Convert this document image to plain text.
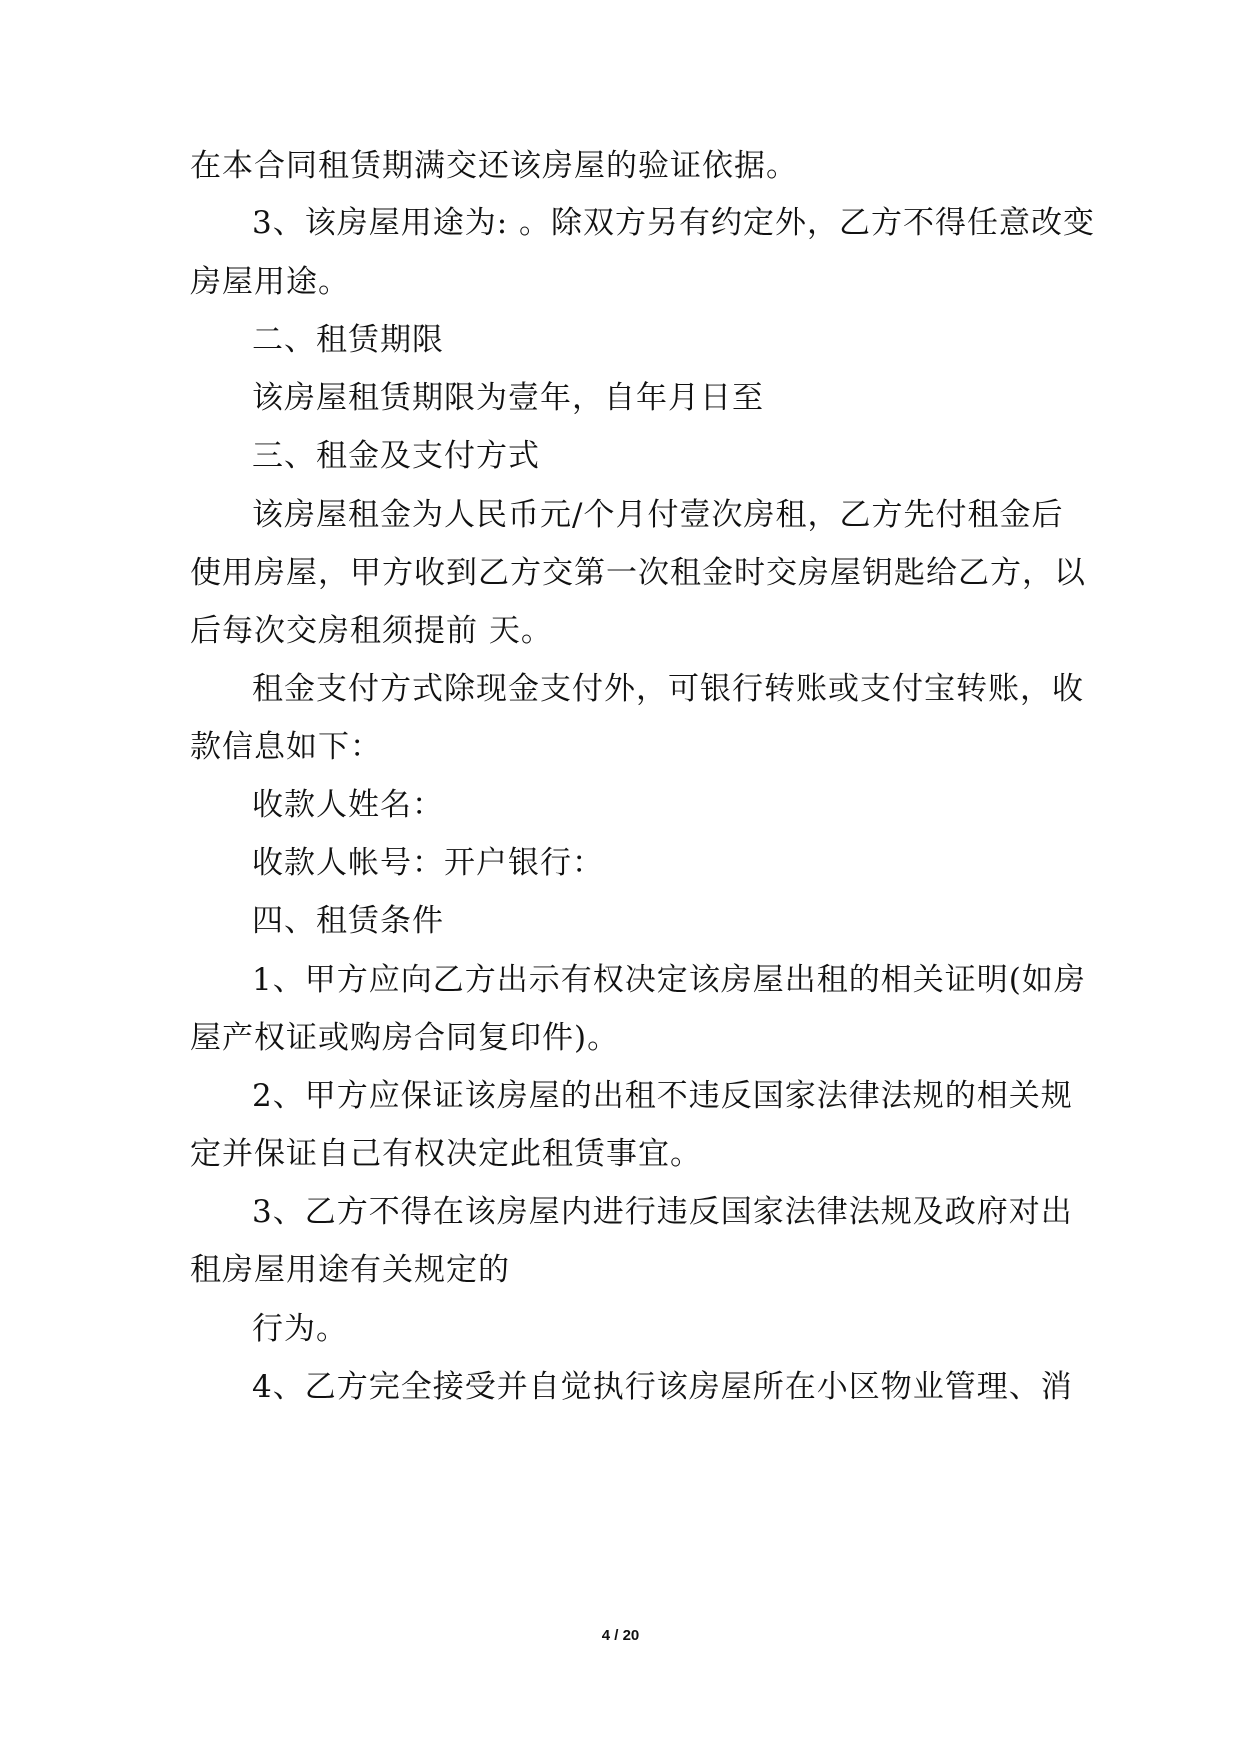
在本合同租赁期满交还该房屋的验证依据。
3、该房屋用途为: 。除双方另有约定外，乙方不得任意改变
房屋用途。
二、租赁期限
该房屋租赁期限为壹年，自年月日至
三、租金及支付方式
该房屋租金为人民币元/个月付壹次房租，乙方先付租金后
使用房屋，甲方收到乙方交第一次租金时交房屋钥匙给乙方，以
后每次交房租须提前 天。
租金支付方式除现金支付外，可银行转账或支付宝转账，收
款信息如下：
收款人姓名：
收款人帐号：开户银行：
四、租赁条件
1、甲方应向乙方出示有权决定该房屋出租的相关证明(如房
屋产权证或购房合同复印件)。
2、甲方应保证该房屋的出租不违反国家法律法规的相关规
定并保证自己有权决定此租赁事宜。
3、乙方不得在该房屋内进行违反国家法律法规及政府对出
租房屋用途有关规定的
行为。
4、乙方完全接受并自觉执行该房屋所在小区物业管理、消
4 / 20
